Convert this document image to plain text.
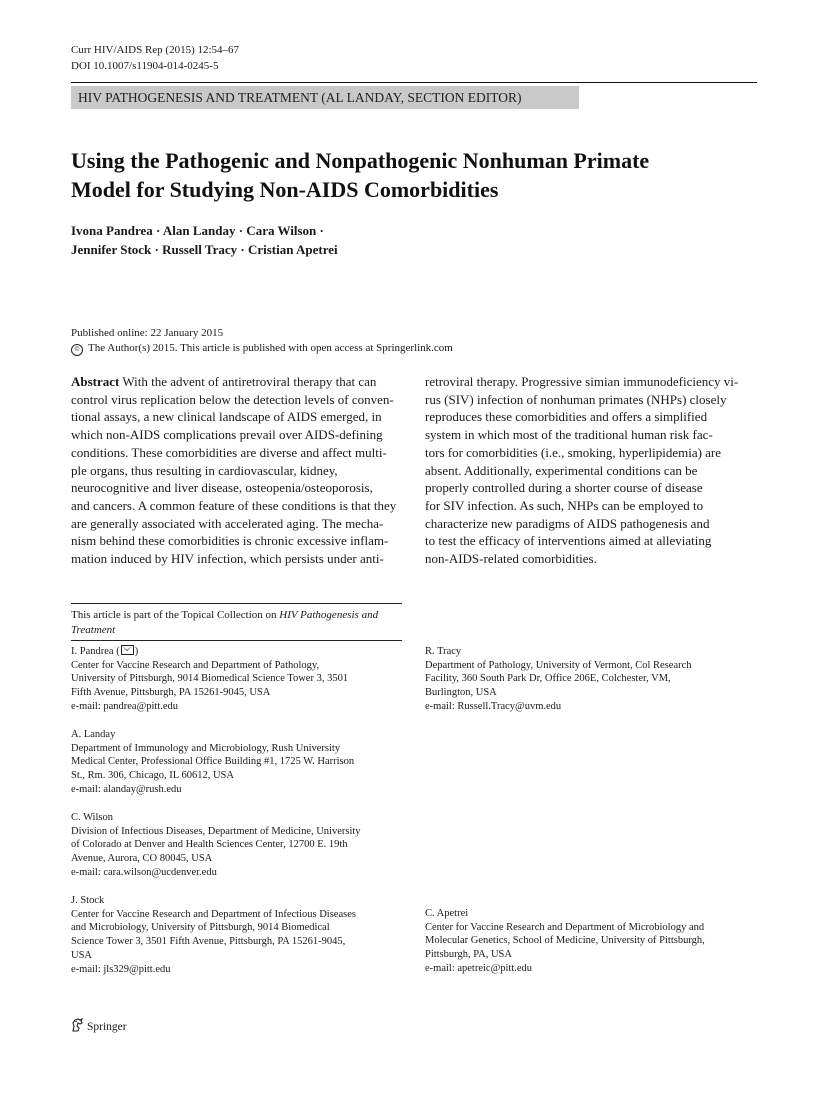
Curr HIV/AIDS Rep (2015) 12:54–67
DOI 10.1007/s11904-014-0245-5
HIV PATHOGENESIS AND TREATMENT (AL LANDAY, SECTION EDITOR)
Using the Pathogenic and Nonpathogenic Nonhuman Primate
Model for Studying Non-AIDS Comorbidities
Ivona Pandrea · Alan Landay · Cara Wilson ·
Jennifer Stock · Russell Tracy · Cristian Apetrei
Published online: 22 January 2015
© The Author(s) 2015. This article is published with open access at Springerlink.com
Abstract With the advent of antiretroviral therapy that can
control virus replication below the detection levels of conven-
tional assays, a new clinical landscape of AIDS emerged, in
which non-AIDS complications prevail over AIDS-defining
conditions. These comorbidities are diverse and affect multi-
ple organs, thus resulting in cardiovascular, kidney,
neurocognitive and liver disease, osteopenia/osteoporosis,
and cancers. A common feature of these conditions is that they
are generally associated with accelerated aging. The mecha-
nism behind these comorbidities is chronic excessive inflam-
mation induced by HIV infection, which persists under anti-
retroviral therapy. Progressive simian immunodeficiency vi-
rus (SIV) infection of nonhuman primates (NHPs) closely
reproduces these comorbidities and offers a simplified
system in which most of the traditional human risk fac-
tors for comorbidities (i.e., smoking, hyperlipidemia) are
absent. Additionally, experimental conditions can be
properly controlled during a shorter course of disease
for SIV infection. As such, NHPs can be employed to
characterize new paradigms of AIDS pathogenesis and
to test the efficacy of interventions aimed at alleviating
non-AIDS-related comorbidities.
This article is part of the Topical Collection on HIV Pathogenesis and
Treatment
I. Pandrea ( )
Center for Vaccine Research and Department of Pathology,
University of Pittsburgh, 9014 Biomedical Science Tower 3, 3501
Fifth Avenue, Pittsburgh, PA 15261-9045, USA
e-mail: pandrea@pitt.edu
A. Landay
Department of Immunology and Microbiology, Rush University
Medical Center, Professional Office Building #1, 1725 W. Harrison
St., Rm. 306, Chicago, IL 60612, USA
e-mail: alanday@rush.edu
C. Wilson
Division of Infectious Diseases, Department of Medicine, University
of Colorado at Denver and Health Sciences Center, 12700 E. 19th
Avenue, Aurora, CO 80045, USA
e-mail: cara.wilson@ucdenver.edu
J. Stock
Center for Vaccine Research and Department of Infectious Diseases
and Microbiology, University of Pittsburgh, 9014 Biomedical
Science Tower 3, 3501 Fifth Avenue, Pittsburgh, PA 15261-9045,
USA
e-mail: jls329@pitt.edu
R. Tracy
Department of Pathology, University of Vermont, Col Research
Facility, 360 South Park Dr, Office 206E, Colchester, VM,
Burlington, USA
e-mail: Russell.Tracy@uvm.edu
C. Apetrei
Center for Vaccine Research and Department of Microbiology and
Molecular Genetics, School of Medicine, University of Pittsburgh,
Pittsburgh, PA, USA
e-mail: apetreic@pitt.edu
Springer
